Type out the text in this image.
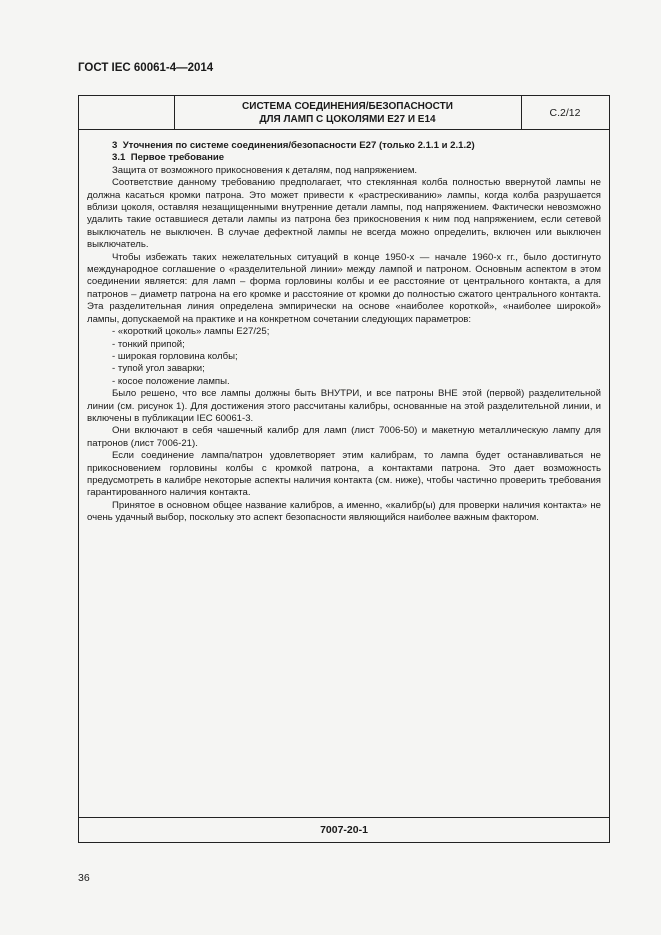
ГОСТ IEC 60061-4—2014
СИСТЕМА СОЕДИНЕНИЯ/БЕЗОПАСНОСТИ
ДЛЯ ЛАМП С ЦОКОЛЯМИ Е27 И Е14
C.2/12

3 Уточнения по системе соединения/безопасности Е27 (только 2.1.1 и 2.1.2)

3.1 Первое требование

Защита от возможного прикосновения к деталям, под напряжением.

Соответствие данному требованию предполагает, что стеклянная колба полностью ввернутой лампы не должна касаться кромки патрона. Это может привести к «растрескиванию» лампы, когда колба разрушается вблизи цоколя, оставляя незащищенными внутренние детали лампы, под напряжением. Фактически невозможно удалить такие оставшиеся детали лампы из патрона без прикосновения к ним под напряжением, если сетевой выключатель не выключен. В случае дефектной лампы не всегда можно определить, включен или выключен выключатель.

Чтобы избежать таких нежелательных ситуаций в конце 1950-х — начале 1960-х гг., было достигнуто международное соглашение о «разделительной линии» между лампой и патроном. Основным аспектом в этом соединении является: для ламп – форма горловины колбы и ее расстояние от центрального контакта, а для патронов – диаметр патрона на его кромке и расстояние от кромки до полностью сжатого центрального контакта. Эта разделительная линия определена эмпирически на основе «наиболее короткой», «наиболее широкой» лампы, допускаемой на практике и на конкретном сочетании следующих параметров:

- «короткий цоколь» лампы Е27/25;

- тонкий припой;

- широкая горловина колбы;

- тупой угол заварки;

- косое положение лампы.

Было решено, что все лампы должны быть ВНУТРИ, и все патроны ВНЕ этой (первой) разделительной линии (см. рисунок 1). Для достижения этого рассчитаны калибры, основанные на этой разделительной линии, и включены в публикации IEC 60061-3.

Они включают в себя чашечный калибр для ламп (лист 7006-50) и макетную металлическую лампу для патронов (лист 7006-21).

Если соединение лампа/патрон удовлетворяет этим калибрам, то лампа будет останавливаться не прикосновением горловины колбы с кромкой патрона, а контактами патрона. Это дает возможность предусмотреть в калибре некоторые аспекты наличия контакта (см. ниже), чтобы частично проверить требования гарантированного наличия контакта.

Принятое в основном общее название калибров, а именно, «калибр(ы) для проверки наличия контакта» не очень удачный выбор, поскольку это аспект безопасности являющийся наиболее важным фактором.

7007-20-1
36
